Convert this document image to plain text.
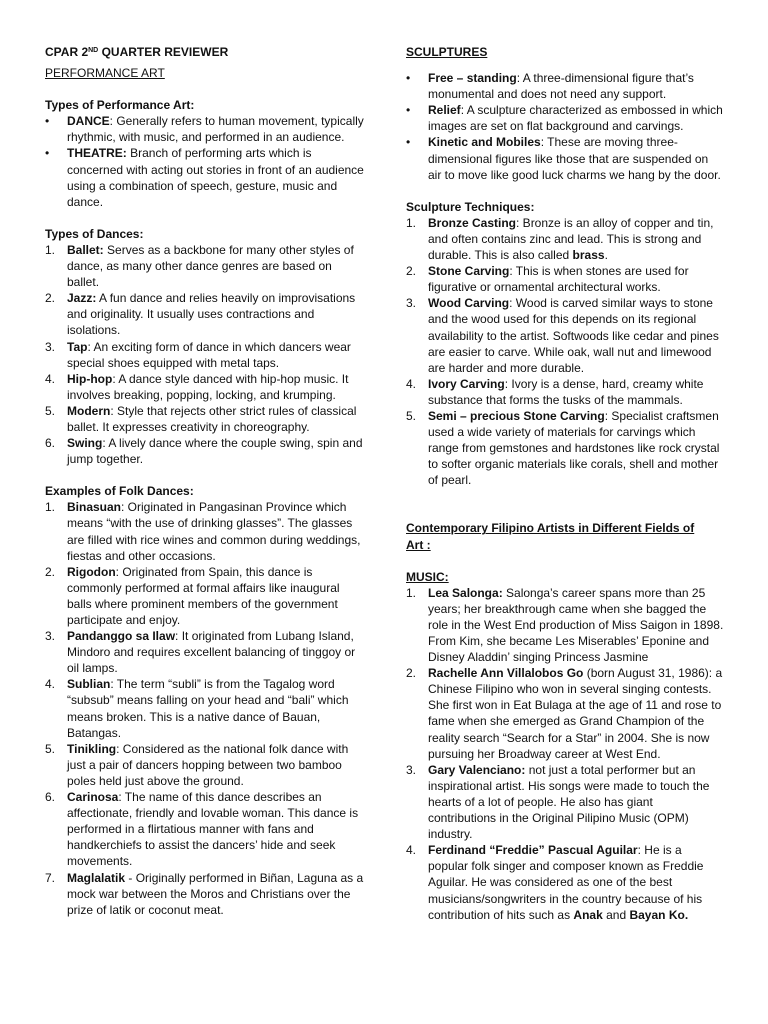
CPAR 2ND QUARTER REVIEWER

PERFORMANCE ART

Types of Performance Art:

•	DANCE: Generally refers to human movement, typically rhythmic, with music, and performed in an audience.
•	THEATRE: Branch of performing arts which is concerned with acting out stories in front of an audience using a combination of speech, gesture, music and dance.

Types of Dances:

1. Ballet: Serves as a backbone for many other styles of dance, as many other dance genres are based on ballet.
2. Jazz: A fun dance and relies heavily on improvisations and originality. It usually uses contractions and isolations.
3. Tap: An exciting form of dance in which dancers wear special shoes equipped with metal taps.
4. Hip-hop: A dance style danced with hip-hop music. It involves breaking, popping, locking, and krumping.
5. Modern: Style that rejects other strict rules of classical ballet. It expresses creativity in choreography.
6. Swing: A lively dance where the couple swing, spin and jump together.

Examples of Folk Dances:

1. Binasuan: Originated in Pangasinan Province which means “with the use of drinking glasses”. The glasses are filled with rice wines and common during weddings, fiestas and other occasions.
2. Rigodon: Originated from Spain, this dance is commonly performed at formal affairs like inaugural balls where prominent members of the government participate and enjoy.
3. Pandanggo sa Ilaw: It originated from Lubang Island, Mindoro and requires excellent balancing of tinggoy or oil lamps.
4. Sublian: The term “subli” is from the Tagalog word “subsub” means falling on your head and “bali” which means broken. This is a native dance of Bauan, Batangas.
5. Tinikling: Considered as the national folk dance with just a pair of dancers hopping between two bamboo poles held just above the ground.
6. Carinosa: The name of this dance describes an affectionate, friendly and lovable woman. This dance is performed in a flirtatious manner with fans and handkerchiefs to assist the dancers’ hide and seek movements.
7. Maglalatik - Originally performed in Biñan, Laguna as a mock war between the Moros and Christians over the prize of latik or coconut meat.

SCULPTURES

•	Free – standing: A three-dimensional figure that’s monumental and does not need any support.
•	Relief: A sculpture characterized as embossed in which images are set on flat background and carvings.
•	Kinetic and Mobiles: These are moving three-dimensional figures like those that are suspended on air to move like good luck charms we hang by the door.

Sculpture Techniques:

1. Bronze Casting: Bronze is an alloy of copper and tin, and often contains zinc and lead. This is strong and durable. This is also called brass.
2. Stone Carving: This is when stones are used for figurative or ornamental architectural works.
3. Wood Carving: Wood is carved similar ways to stone and the wood used for this depends on its regional availability to the artist. Softwoods like cedar and pines are easier to carve. While oak, wall nut and limewood are harder and more durable.
4. Ivory Carving: Ivory is a dense, hard, creamy white substance that forms the tusks of the mammals.
5. Semi – precious Stone Carving: Specialist craftsmen used a wide variety of materials for carvings which range from gemstones and hardstones like rock crystal to softer organic materials like corals, shell and mother of pearl.

Contemporary Filipino Artists in Different Fields of
Art :

MUSIC:

1. Lea Salonga: Salonga’s career spans more than 25 years; her breakthrough came when she bagged the role in the West End production of Miss Saigon in 1898. From Kim, she became Les Miserables’ Eponine and Disney Aladdin’ singing Princess Jasmine
2. Rachelle Ann Villalobos Go (born August 31, 1986): a Chinese Filipino who won in several singing contests. She first won in Eat Bulaga at the age of 11 and rose to fame when she emerged as Grand Champion of the reality search “Search for a Star” in 2004. She is now pursuing her Broadway career at West End.
3. Gary Valenciano: not just a total performer but an inspirational artist. His songs were made to touch the hearts of a lot of people. He also has giant contributions in the Original Pilipino Music (OPM) industry.
4. Ferdinand “Freddie” Pascual Aguilar: He is a popular folk singer and composer known as Freddie Aguilar. He was considered as one of the best musicians/songwriters in the country because of his contribution of hits such as Anak and Bayan Ko.
